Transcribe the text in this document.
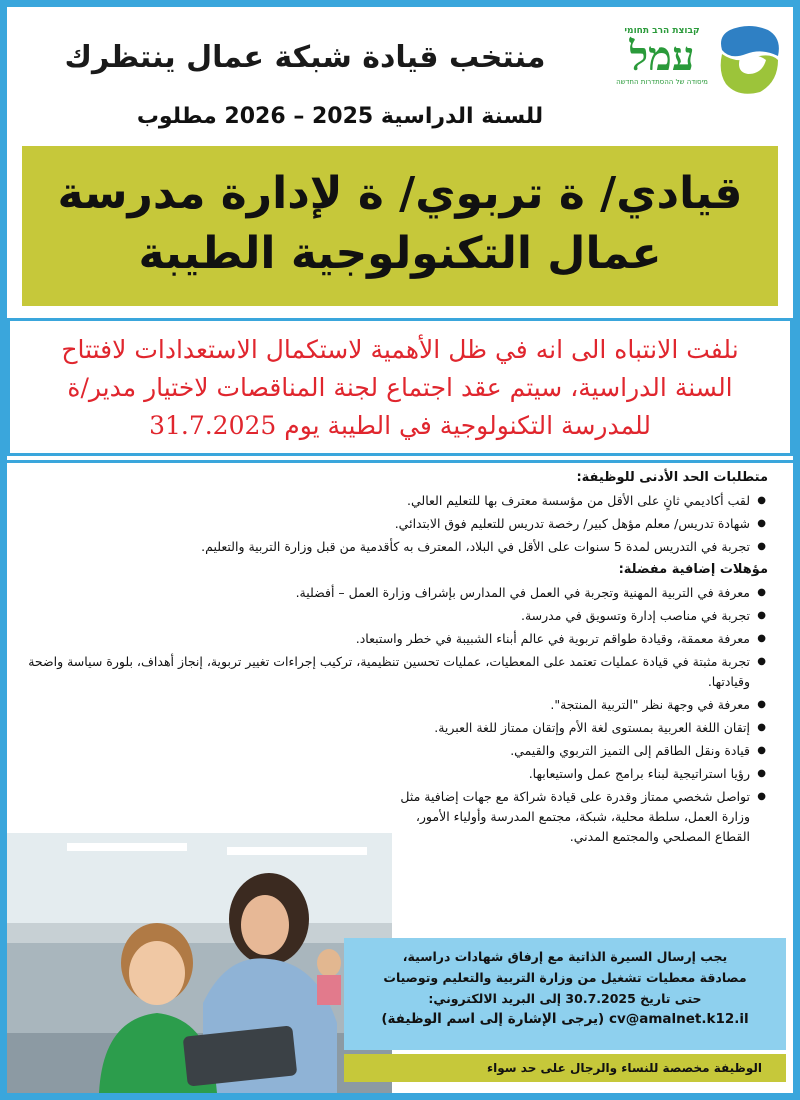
קבוצת הרב תחומי
עמל
מיסודה של ההסתדרות החדשה
منتخب قيادة شبكة عمال ينتظرك
للسنة الدراسية 2025 – 2026 مطلوب
قيادي/ ة تربوي/ ة لإدارة مدرسة
عمال التكنولوجية الطيبة
نلفت الانتباه الى انه في ظل الأهمية لاستكمال الاستعدادات لافتتاح
السنة الدراسية، سيتم عقد اجتماع لجنة المناقصات لاختيار مدير/ة
للمدرسة التكنولوجية في الطيبة يوم 31.7.2025
متطلبات الحد الأدنى للوظيفة:
● لقب أكاديمي ثانٍ على الأقل من مؤسسة معترف بها للتعليم العالي.
● شهادة تدريس/ معلم مؤهل كبير/ رخصة تدريس للتعليم فوق الابتدائي.
● تجربة في التدريس لمدة 5 سنوات على الأقل في البلاد، المعترف به كأقدمية من قبل وزارة التربية والتعليم.
مؤهلات إضافية مفضلة:
● معرفة في التربية المهنية وتجربة في العمل في المدارس بإشراف وزارة العمل – أفضلية.
● تجربة في مناصب إدارة وتسويق في مدرسة.
● معرفة معمقة، وقيادة طواقم تربوية في عالم أبناء الشبيبة في خطر واستبعاد.
● تجربة مثبتة في قيادة عمليات تعتمد على المعطيات، عمليات تحسين تنظيمية، تركيب إجراءات تغيير تربوية، إنجاز أهداف، بلورة سياسة واضحة وقيادتها.
● معرفة في وجهة نظر "التربية المنتجة".
● إتقان اللغة العربية بمستوى لغة الأم وإتقان ممتاز للغة العبرية.
● قيادة ونقل الطاقم إلى التميز التربوي والقيمي.
● رؤيا استراتيجية لبناء برامج عمل واستيعابها.
● تواصل شخصي ممتاز وقدرة على قيادة شراكة مع جهات إضافية مثل وزارة العمل، سلطة محلية، شبكة، مجتمع المدرسة وأولياء الأمور، القطاع المصلحي والمجتمع المدني.
يجب إرسال السيرة الذاتية مع إرفاق شهادات دراسية،
مصادقة معطيات تشغيل من وزارة التربية والتعليم وتوصيات
حتى تاريخ 30.7.2025 إلى البريد الالكتروني:
cv@amalnet.k12.il (يرجى الإشارة إلى اسم الوظيفة)
الوظيفة مخصصة للنساء والرجال على حد سواء
